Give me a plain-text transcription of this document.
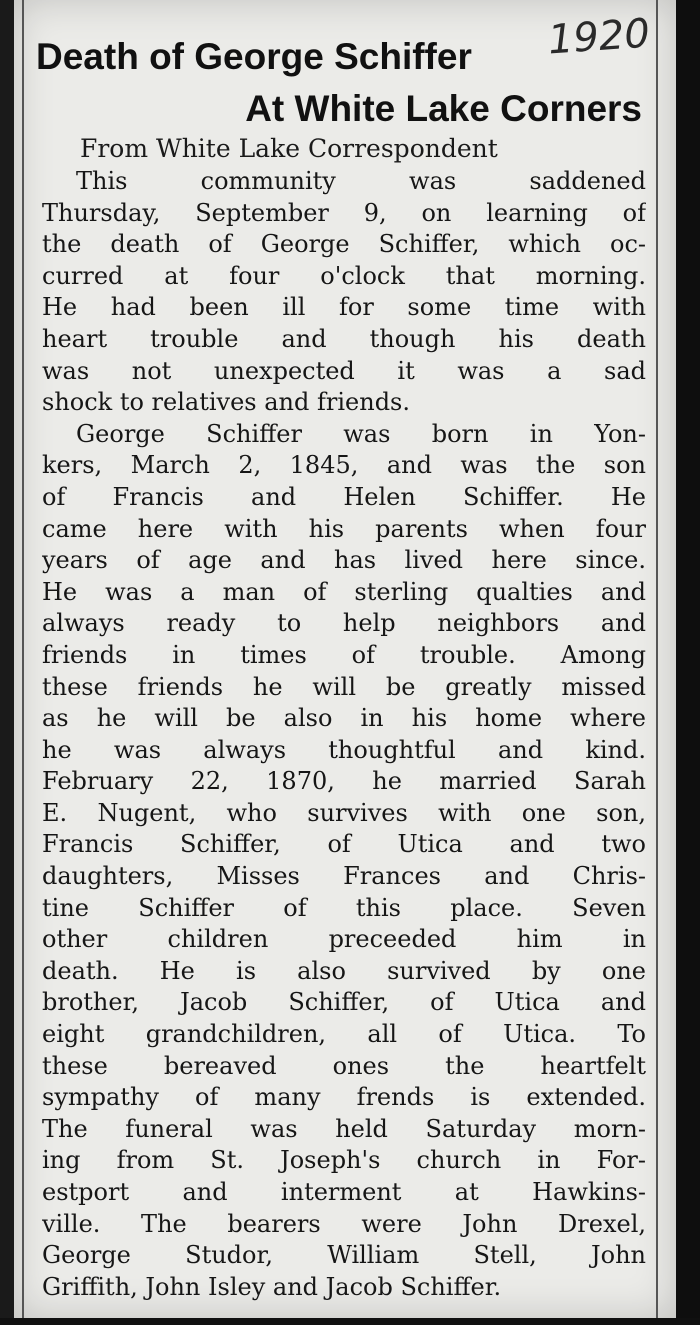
1920
Death of George Schiffer
At White Lake Corners
From White Lake Correspondent
This community was saddened
Thursday, September 9, on learning of
the death of George Schiffer, which oc-
curred at four o'clock that morning.
He had been ill for some time with
heart trouble and though his death
was not unexpected it was a sad
shock to relatives and friends.
George Schiffer was born in Yon-
kers, March 2, 1845, and was the son
of Francis and Helen Schiffer. He
came here with his parents when four
years of age and has lived here since.
He was a man of sterling qualties and
always ready to help neighbors and
friends in times of trouble. Among
these friends he will be greatly missed
as he will be also in his home where
he was always thoughtful and kind.
February 22, 1870, he married Sarah
E. Nugent, who survives with one son,
Francis Schiffer, of Utica and two
daughters, Misses Frances and Chris-
tine Schiffer of this place. Seven
other children preceeded him in
death. He is also survived by one
brother, Jacob Schiffer, of Utica and
eight grandchildren, all of Utica. To
these bereaved ones the heartfelt
sympathy of many frends is extended.
The funeral was held Saturday morn-
ing from St. Joseph's church in For-
estport and interment at Hawkins-
ville. The bearers were John Drexel,
George Studor, William Stell, John
Griffith, John Isley and Jacob Schiffer.
